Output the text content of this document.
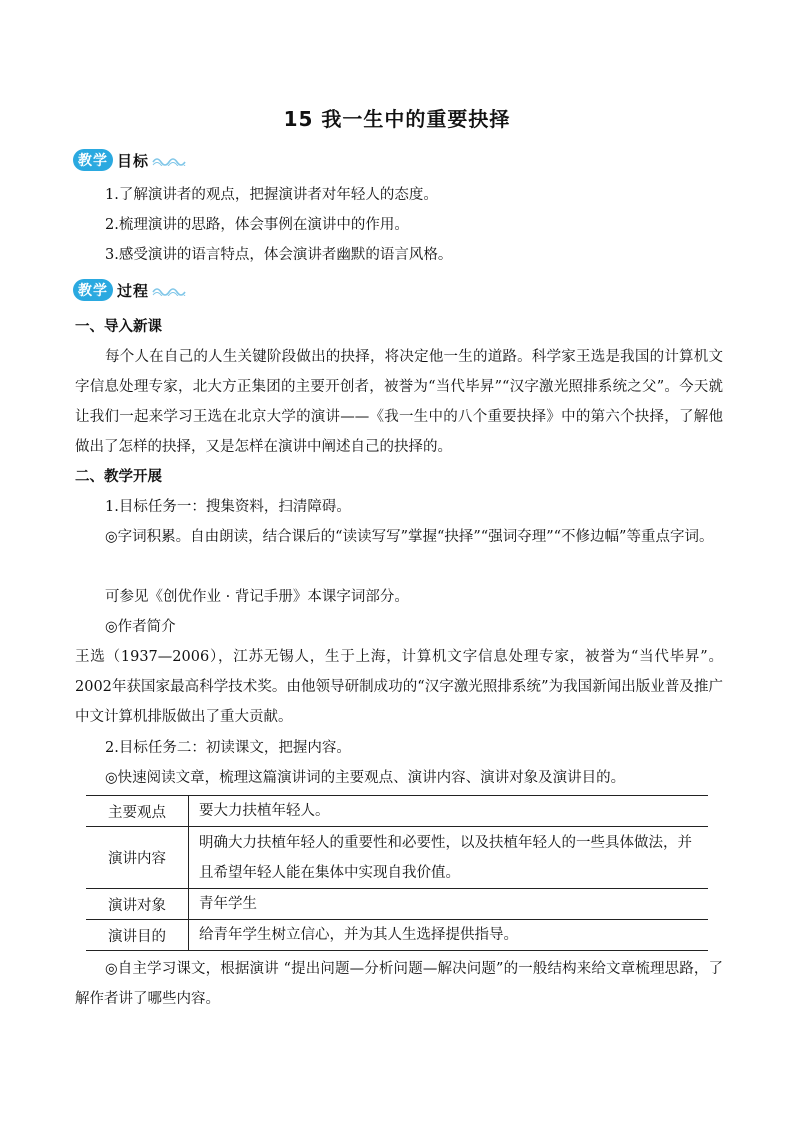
15 我一生中的重要抉择
教学 目标

1.了解演讲者的观点，把握演讲者对年轻人的态度。

2.梳理演讲的思路，体会事例在演讲中的作用。

3.感受演讲的语言特点，体会演讲者幽默的语言风格。

教学 过程

一、导入新课

每个人在自己的人生关键阶段做出的抉择，将决定他一生的道路。科学家王选是我国的计算机文字信息处理专家，北大方正集团的主要开创者，被誉为“当代毕昇”“汉字激光照排系统之父”。今天就让我们一起来学习王选在北京大学的演讲——《我一生中的八个重要抉择》中的第六个抉择，了解他做出了怎样的抉择，又是怎样在演讲中阐述自己的抉择的。

二、教学开展

1.目标任务一：搜集资料，扫清障碍。

◎字词积累。自由朗读，结合课后的“读读写写”掌握“抉择”“强词夺理”“不修边幅”等重点字词。

可参见《创优作业 · 背记手册》本课字词部分。

◎作者简介

王选（1937—2006），江苏无锡人，生于上海，计算机文字信息处理专家，被誉为“当代毕昇”。2002年获国家最高科学技术奖。由他领导研制成功的“汉字激光照排系统”为我国新闻出版业普及推广中文计算机排版做出了重大贡献。

2.目标任务二：初读课文，把握内容。

◎快速阅读文章，梳理这篇演讲词的主要观点、演讲内容、演讲对象及演讲目的。

主要观点	要大力扶植年轻人。
演讲内容	明确大力扶植年轻人的重要性和必要性，以及扶植年轻人的一些具体做法，并且希望年轻人能在集体中实现自我价值。
演讲对象	青年学生
演讲目的	给青年学生树立信心，并为其人生选择提供指导。

◎自主学习课文，根据演讲 “提出问题—分析问题—解决问题”的一般结构来给文章梳理思路，了解作者讲了哪些内容。
